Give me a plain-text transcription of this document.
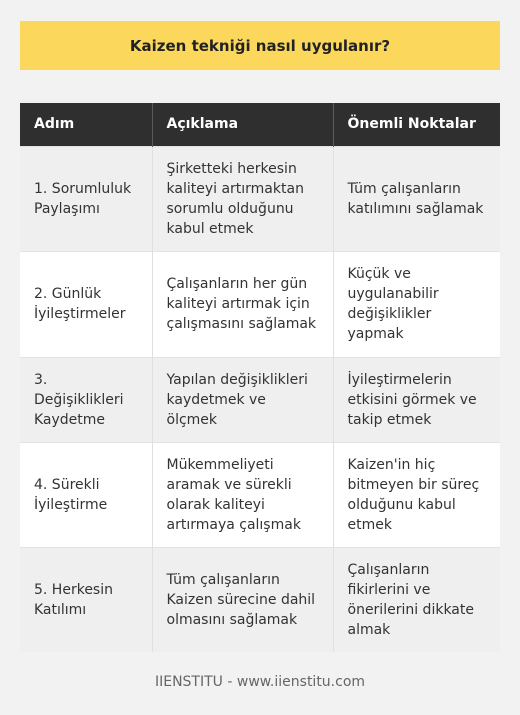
Kaizen tekniği nasıl uygulanır?
Adım	Açıklama	Önemli Noktalar
1. Sorumluluk Paylaşımı	Şirketteki herkesin kaliteyi artırmaktan sorumlu olduğunu kabul etmek	Tüm çalışanların katılımını sağlamak
2. Günlük İyileştirmeler	Çalışanların her gün kaliteyi artırmak için çalışmasını sağlamak	Küçük ve uygulanabilir değişiklikler yapmak
3. Değişiklikleri Kaydetme	Yapılan değişiklikleri kaydetmek ve ölçmek	İyileştirmelerin etkisini görmek ve takip etmek
4. Sürekli İyileştirme	Mükemmeliyeti aramak ve sürekli olarak kaliteyi artırmaya çalışmak	Kaizen'in hiç bitmeyen bir süreç olduğunu kabul etmek
5. Herkesin Katılımı	Tüm çalışanların Kaizen sürecine dahil olmasını sağlamak	Çalışanların fikirlerini ve önerilerini dikkate almak
IIENSTITU - www.iienstitu.com
